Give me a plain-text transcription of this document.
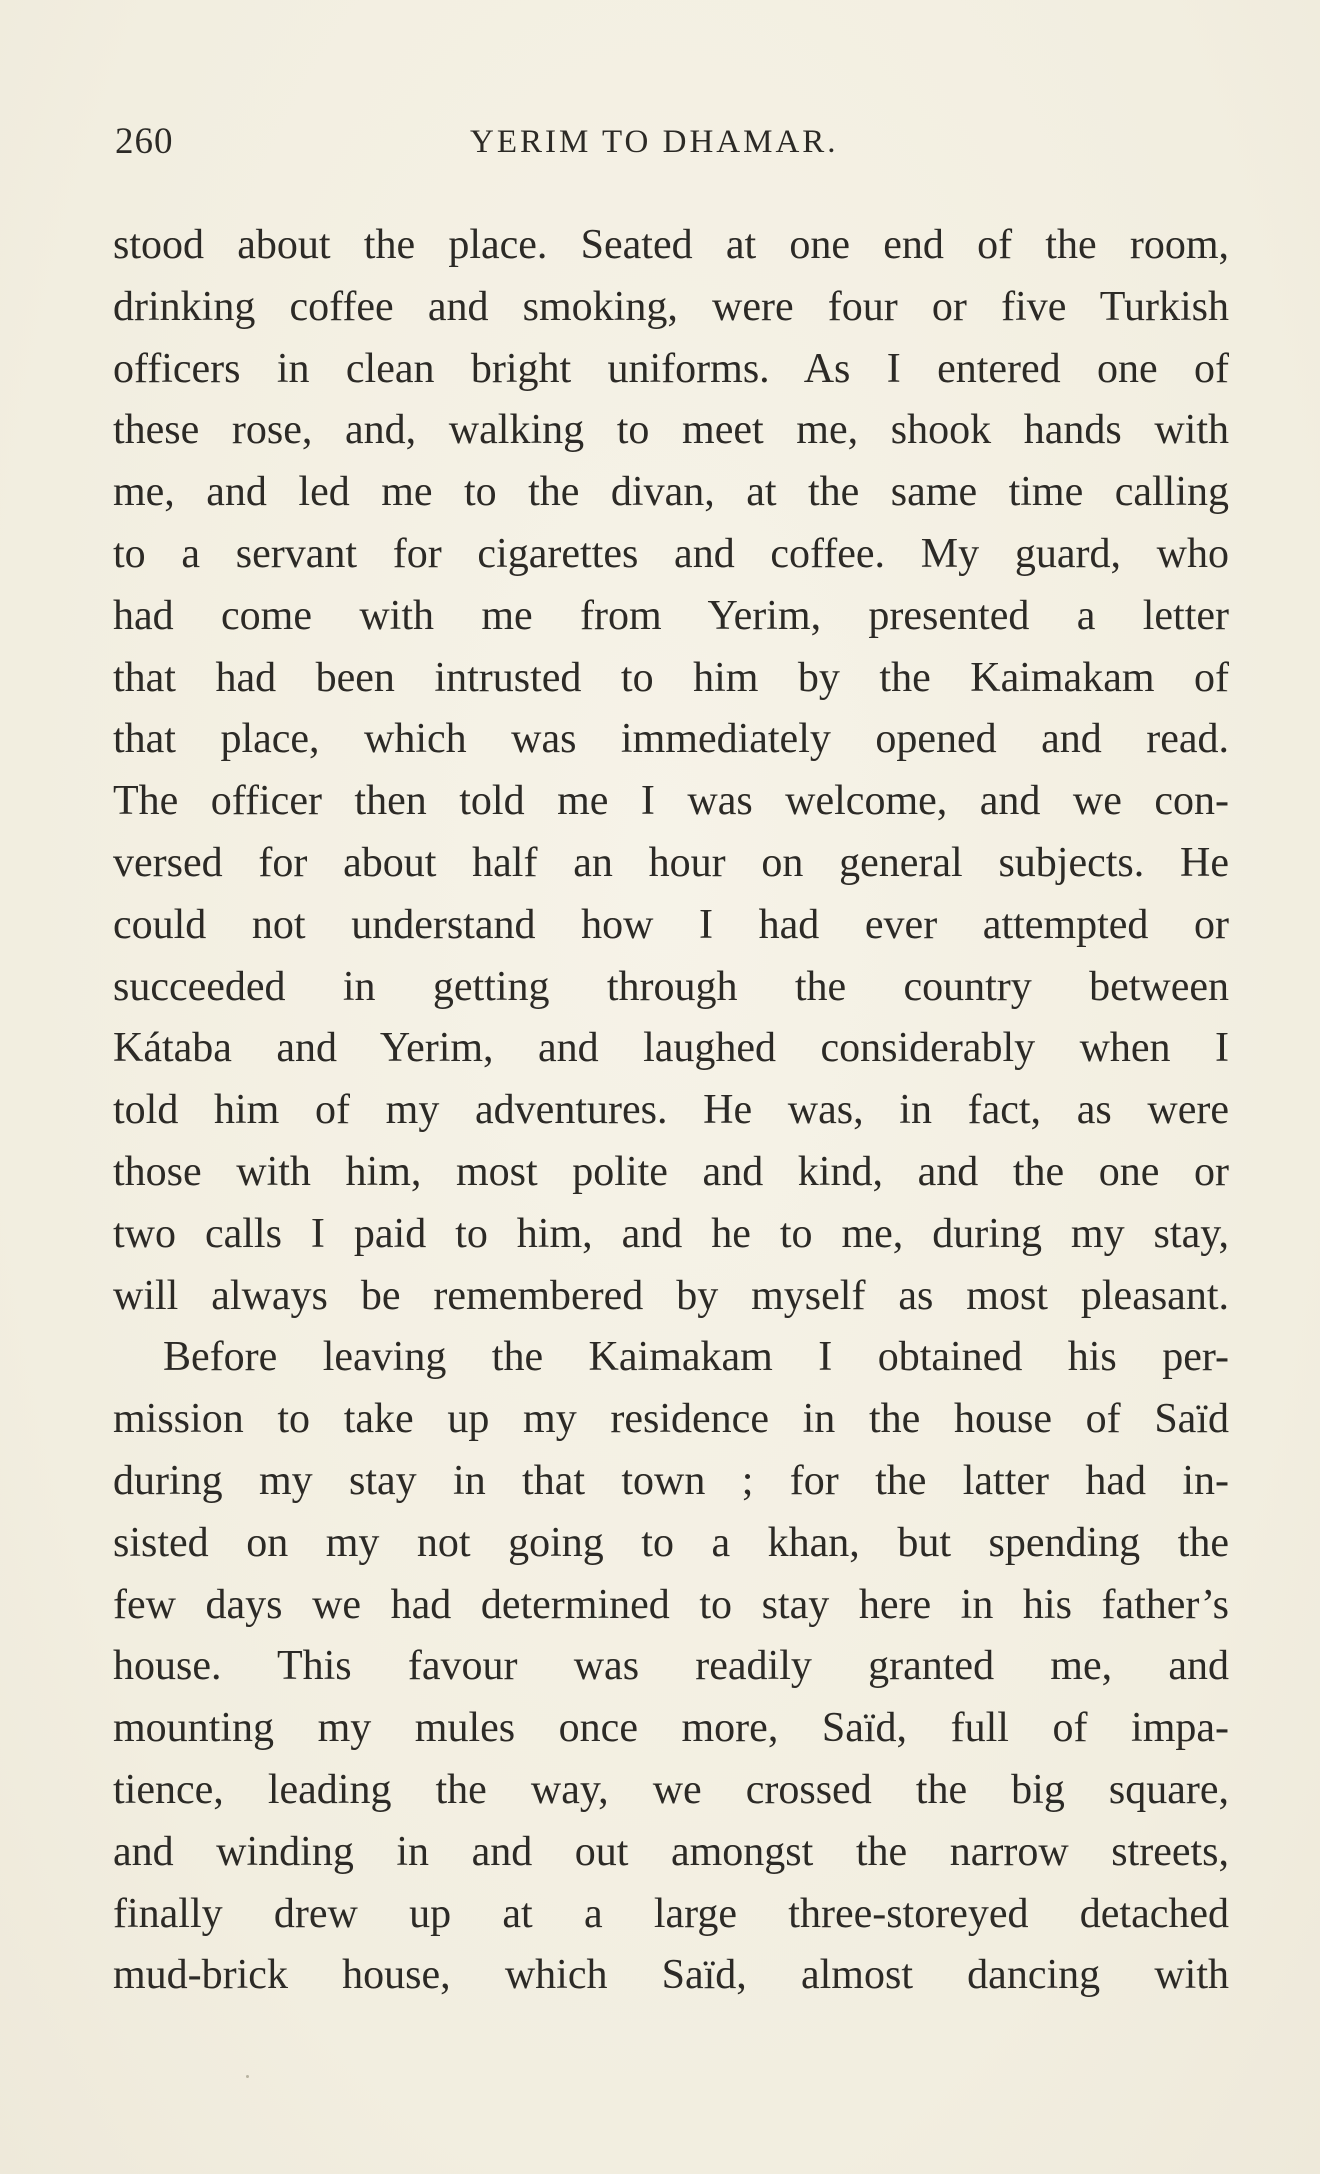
260	YERIM TO DHAMAR.
stood about the place. Seated at one end of the room,
drinking coffee and smoking, were four or five Turkish
officers in clean bright uniforms. As I entered one of
these rose, and, walking to meet me, shook hands with
me, and led me to the divan, at the same time calling
to a servant for cigarettes and coffee. My guard, who
had come with me from Yerim, presented a letter
that had been intrusted to him by the Kaimakam of
that place, which was immediately opened and read.
The officer then told me I was welcome, and we con-
versed for about half an hour on general subjects. He
could not understand how I had ever attempted or
succeeded in getting through the country between
Kátaba and Yerim, and laughed considerably when I
told him of my adventures. He was, in fact, as were
those with him, most polite and kind, and the one or
two calls I paid to him, and he to me, during my stay,
will always be remembered by myself as most pleasant.
Before leaving the Kaimakam I obtained his per-
mission to take up my residence in the house of Saïd
during my stay in that town ; for the latter had in-
sisted on my not going to a khan, but spending the
few days we had determined to stay here in his father’s
house. This favour was readily granted me, and
mounting my mules once more, Saïd, full of impa-
tience, leading the way, we crossed the big square,
and winding in and out amongst the narrow streets,
finally drew up at a large three-storeyed detached
mud-brick house, which Saïd, almost dancing with
